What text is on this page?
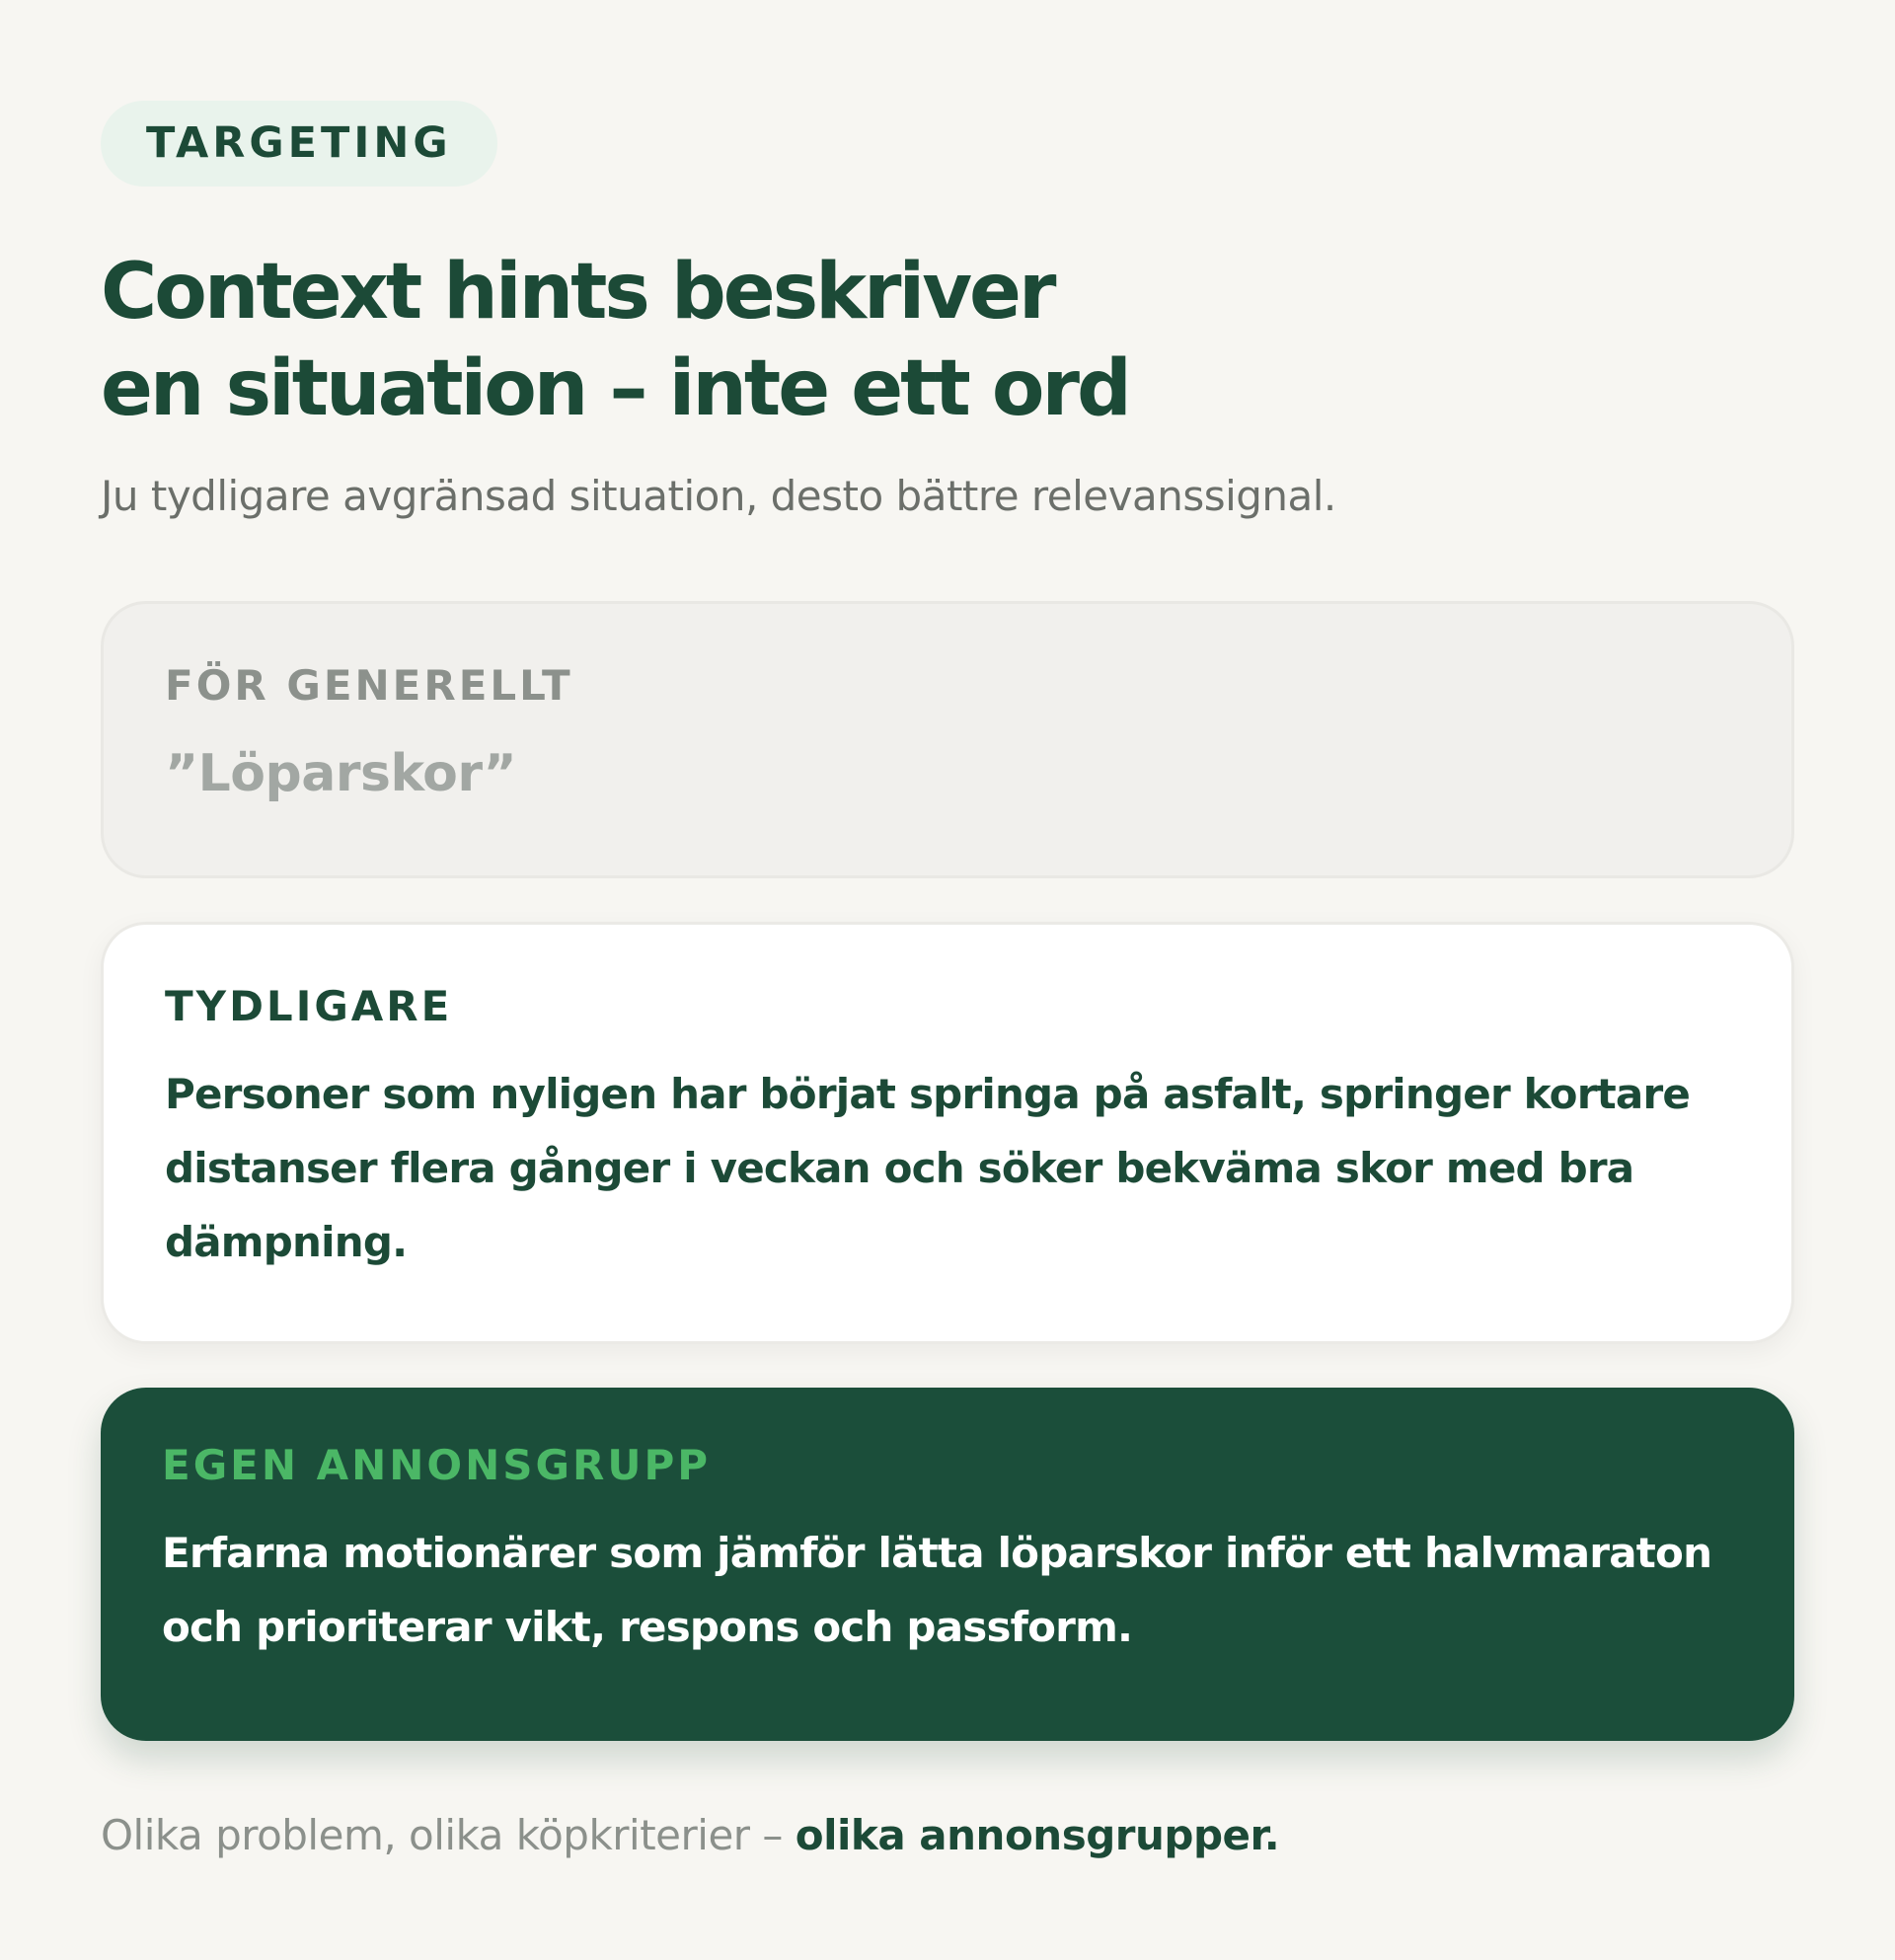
TARGETING
Context hints beskriver
en situation – inte ett ord
Ju tydligare avgränsad situation, desto bättre relevanssignal.
FÖR GENERELLT
”Löparskor”
TYDLIGARE
Personer som nyligen har börjat springa på asfalt, springer kortare distanser flera gånger i veckan och söker bekväma skor med bra dämpning.
EGEN ANNONSGRUPP
Erfarna motionärer som jämför lätta löparskor inför ett halvmaraton och prioriterar vikt, respons och passform.
Olika problem, olika köpkriterier – olika annonsgrupper.
